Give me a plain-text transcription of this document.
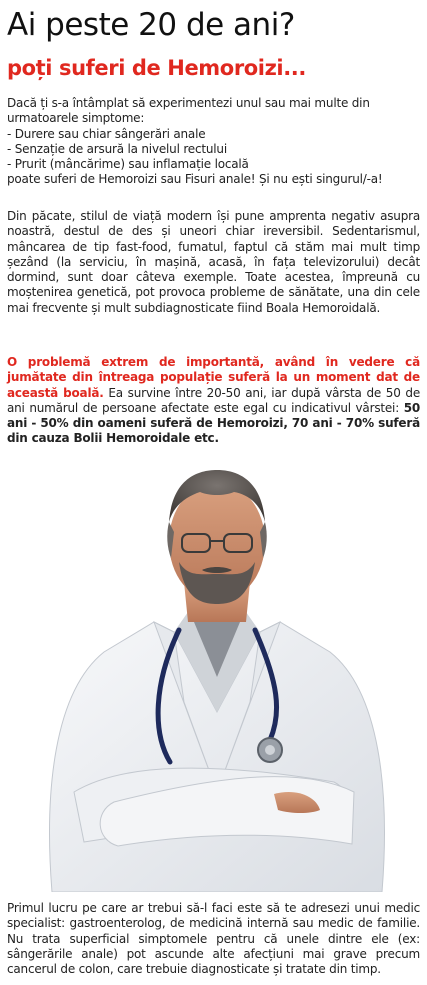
Ai peste 20 de ani?
poți suferi de Hemoroizi...
Dacă ți s-a întâmplat să experimentezi unul sau mai multe din
urmatoarele simptome:
- Durere sau chiar sângerări anale
- Senzație de arsură la nivelul rectului
- Prurit (mâncărime) sau inflamație locală
poate suferi de Hemoroizi sau Fisuri anale! Și nu ești singurul/-a!

Din păcate, stilul de viață modern își pune amprenta negativ asupra noastră, destul de des și uneori chiar ireversibil. Sedentarismul, mâncarea de tip fast-food, fumatul, faptul că stăm mai mult timp șezând (la serviciu, în mașină, acasă, în fața televizorului) decât dormind, sunt doar câteva exemple. Toate acestea, împreună cu moștenirea genetică, pot provoca probleme de sănătate, una din cele mai frecvente și mult subdiagnosticate fiind Boala Hemoroidală.

O problemă extrem de importantă, având în vedere că jumătate din întreaga populație suferă la un moment dat de această boală. Ea survine între 20-50 ani, iar după vârsta de 50 de ani numărul de persoane afectate este egal cu indicativul vârstei: 50 ani - 50% din oameni suferă de Hemoroizi, 70 ani - 70% suferă din cauza Bolii Hemoroidale etc.

Primul lucru pe care ar trebui să-l faci este să te adresezi unui medic specialist: gastroenterolog, de medicină internă sau medic de familie. Nu trata superficial simptomele pentru că unele dintre ele (ex: sângerările anale) pot ascunde alte afecțiuni mai grave precum cancerul de colon, care trebuie diagnosticate și tratate din timp.
